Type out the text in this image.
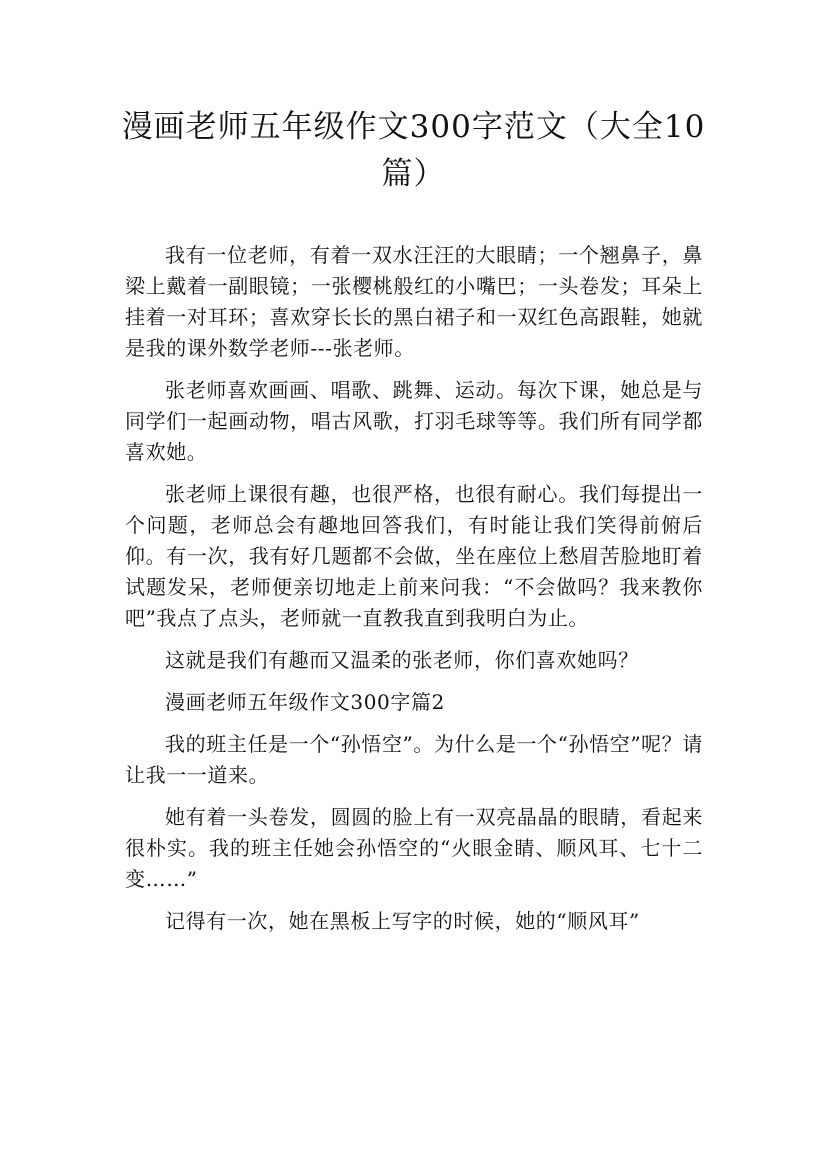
漫画老师五年级作文300字范文（大全10篇）

我有一位老师，有着一双水汪汪的大眼睛；一个翘鼻子，鼻梁上戴着一副眼镜；一张樱桃般红的小嘴巴；一头卷发；耳朵上挂着一对耳环；喜欢穿长长的黑白裙子和一双红色高跟鞋，她就是我的课外数学老师---张老师。

张老师喜欢画画、唱歌、跳舞、运动。每次下课，她总是与同学们一起画动物，唱古风歌，打羽毛球等等。我们所有同学都喜欢她。

张老师上课很有趣，也很严格，也很有耐心。我们每提出一个问题，老师总会有趣地回答我们，有时能让我们笑得前俯后仰。有一次，我有好几题都不会做，坐在座位上愁眉苦脸地盯着试题发呆，老师便亲切地走上前来问我：“不会做吗？我来教你吧”我点了点头，老师就一直教我直到我明白为止。

这就是我们有趣而又温柔的张老师，你们喜欢她吗？

漫画老师五年级作文300字篇2

我的班主任是一个“孙悟空”。为什么是一个“孙悟空”呢？请让我一一道来。

她有着一头卷发，圆圆的脸上有一双亮晶晶的眼睛，看起来很朴实。我的班主任她会孙悟空的“火眼金睛、顺风耳、七十二变……”

记得有一次，她在黑板上写字的时候，她的“顺风耳”
